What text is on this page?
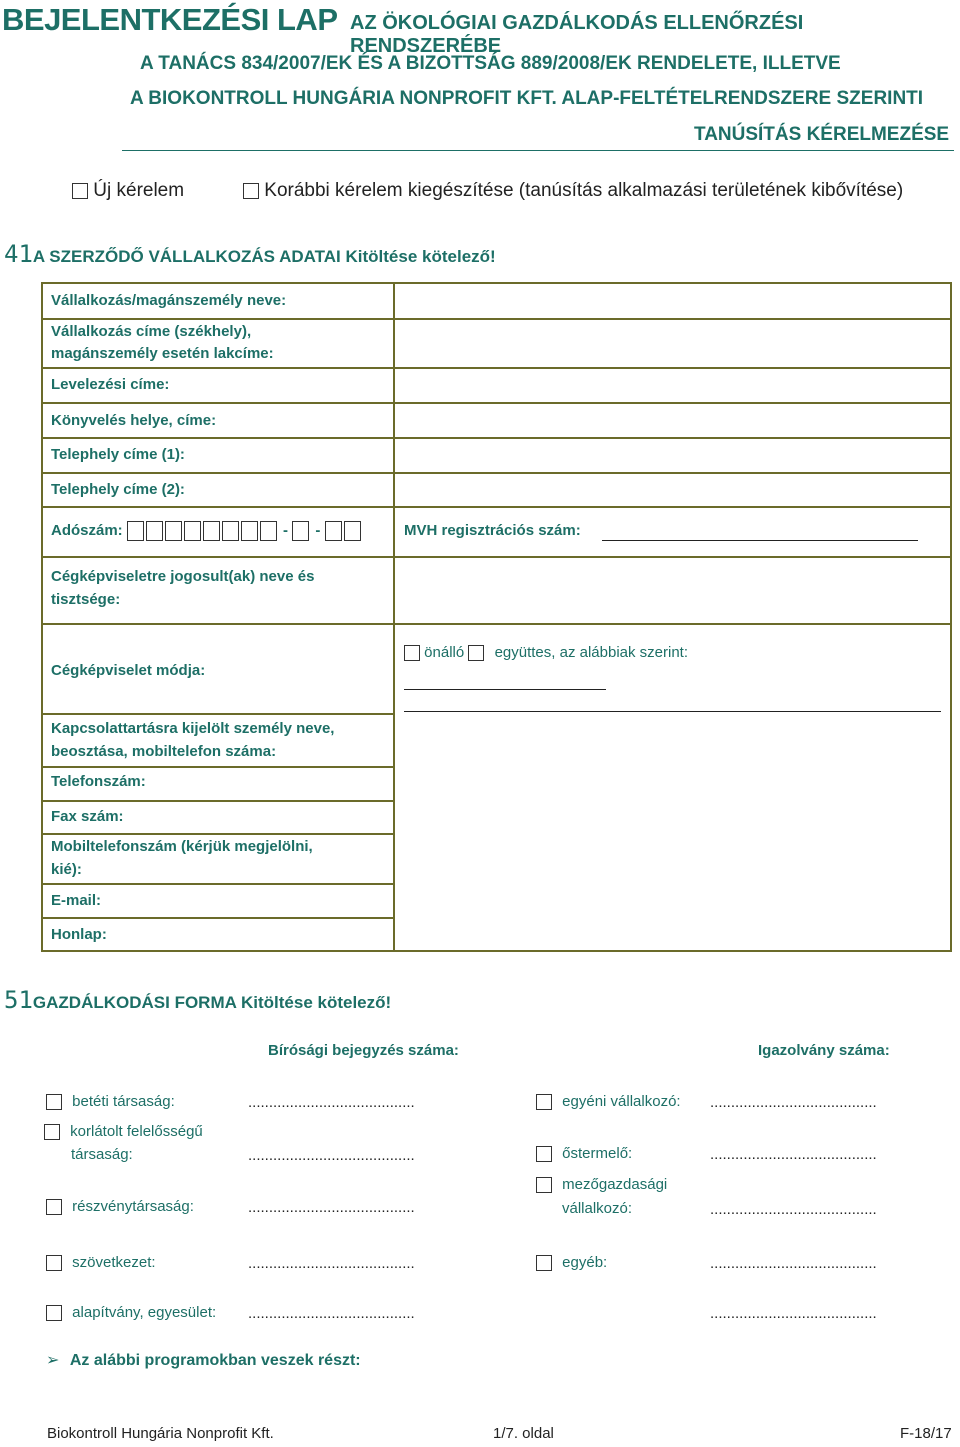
BEJELENTKEZÉSI LAP AZ ÖKOLÓGIAI GAZDÁLKODÁS ELLENŐRZÉSI RENDSZERÉBE
A TANÁCS 834/2007/EK ÉS A BIZOTTSÁG 889/2008/EK RENDELETE, ILLETVE
A BIOKONTROLL HUNGÁRIA NONPROFIT KFT. ALAP-FELTÉTELRENDSZERE SZERINTI
TANÚSÍTÁS KÉRELMEZÉSE
Új kérelem	Korábbi kérelem kiegészítése (tanúsítás alkalmazási területének kibővítése)
41A SZERZŐDŐ VÁLLALKOZÁS ADATAI Kitöltése kötelező!
Vállalkozás/magánszemély neve:
Vállalkozás címe (székhely),
magánszemély esetén lakcíme:
Levelezési címe:
Könyvelés helye, címe:
Telephely címe (1):
Telephely címe (2):
Adószám:	- -	MVH regisztrációs szám:
Cégképviseletre jogosult(ak) neve és
tisztsége:
Cégképviselet módja:
önálló együttes, az alábbiak szerint:
Kapcsolattartásra kijelölt személy neve,
beosztása, mobiltelefon száma:
Telefonszám:
Fax szám:
Mobiltelefonszám (kérjük megjelölni,
kié):
E-mail:
Honlap:
51GAZDÁLKODÁSI FORMA Kitöltése kötelező!
Bírósági bejegyzés száma:	Igazolvány száma:
betéti társaság:	........................................
korlátolt felelősségű
társaság:	........................................
részvénytársaság:	........................................
szövetkezet:	........................................
alapítvány, egyesület: ........................................
egyéni vállalkozó: ........................................
őstermelő:	........................................
mezőgazdasági
vállalkozó:	........................................
egyéb:	........................................
........................................
➢ Az alábbi programokban veszek részt:
Biokontroll Hungária Nonprofit Kft.	1/7. oldal	F-18/17
